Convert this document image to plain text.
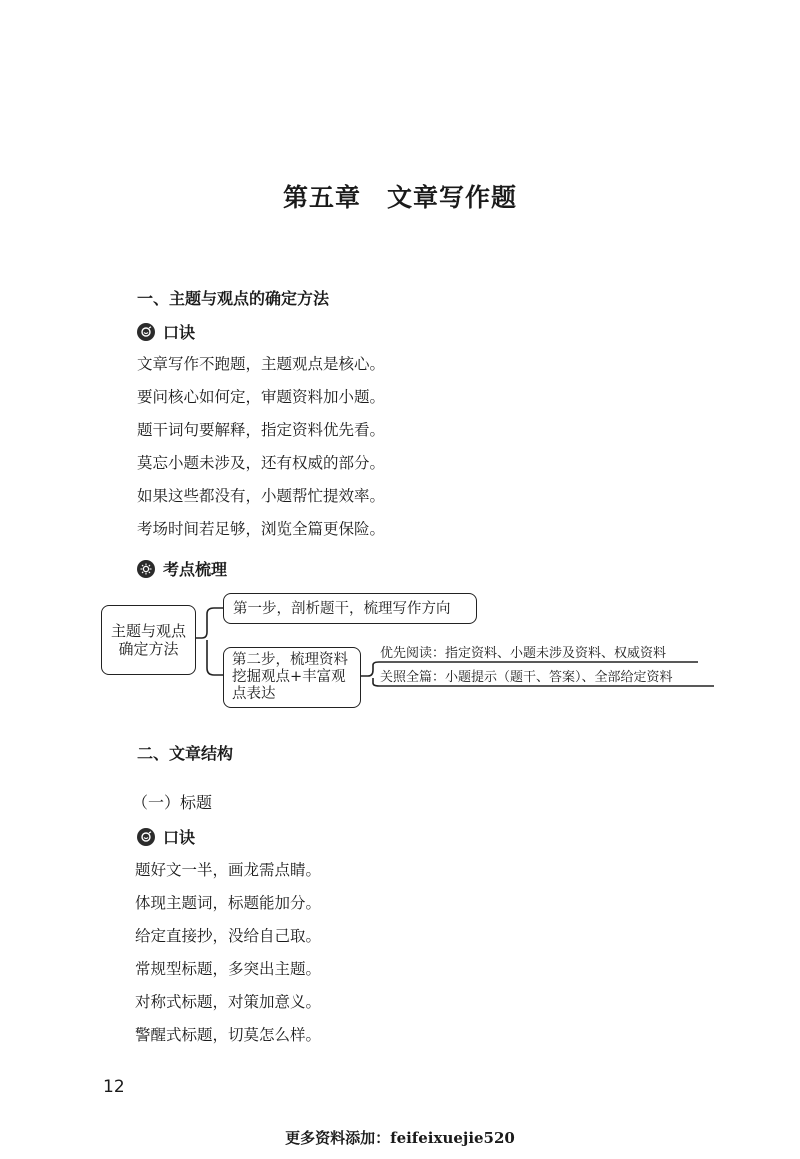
第五章 文章写作题
一、主题与观点的确定方法
口诀
文章写作不跑题，主题观点是核心。
要问核心如何定，审题资料加小题。
题干词句要解释，指定资料优先看。
莫忘小题未涉及，还有权威的部分。
如果这些都没有，小题帮忙提效率。
考场时间若足够，浏览全篇更保险。
考点梳理
主题与观点
确定方法
第一步，剖析题干，梳理写作方向
第二步，梳理资料
挖掘观点+丰富观
点表达
优先阅读：指定资料、小题未涉及资料、权威资料
关照全篇：小题提示（题干、答案）、全部给定资料
二、文章结构
（一）标题
口诀
题好文一半，画龙需点睛。
体现主题词，标题能加分。
给定直接抄，没给自己取。
常规型标题，多突出主题。
对称式标题，对策加意义。
警醒式标题，切莫怎么样。
12
更多资料添加：feifeixuejie520
